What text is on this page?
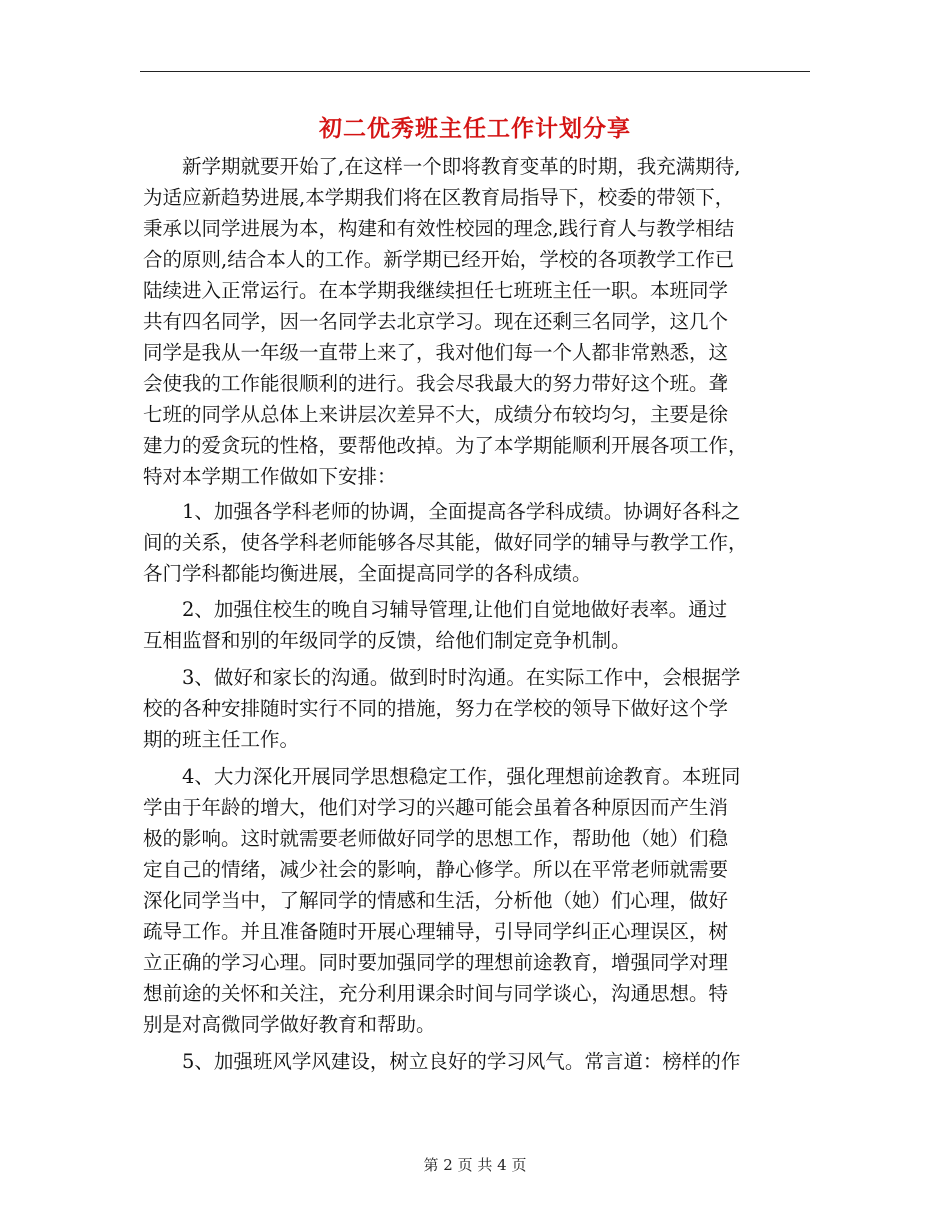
初二优秀班主任工作计划分享
　　新学期就要开始了,在这样一个即将教育变革的时期，我充满期待,
为适应新趋势进展,本学期我们将在区教育局指导下，校委的带领下，
秉承以同学进展为本，构建和有效性校园的理念,践行育人与教学相结
合的原则,结合本人的工作。新学期已经开始，学校的各项教学工作已
陆续进入正常运行。在本学期我继续担任七班班主任一职。本班同学
共有四名同学，因一名同学去北京学习。现在还剩三名同学，这几个
同学是我从一年级一直带上来了，我对他们每一个人都非常熟悉，这
会使我的工作能很顺利的进行。我会尽我最大的努力带好这个班。聋
七班的同学从总体上来讲层次差异不大，成绩分布较均匀，主要是徐
建力的爱贪玩的性格，要帮他改掉。为了本学期能顺利开展各项工作，
特对本学期工作做如下安排：
　　1、加强各学科老师的协调，全面提高各学科成绩。协调好各科之
间的关系，使各学科老师能够各尽其能，做好同学的辅导与教学工作，
各门学科都能均衡进展，全面提高同学的各科成绩。
　　2、加强住校生的晚自习辅导管理,让他们自觉地做好表率。通过
互相监督和别的年级同学的反馈，给他们制定竞争机制。
　　3、做好和家长的沟通。做到时时沟通。在实际工作中，会根据学
校的各种安排随时实行不同的措施，努力在学校的领导下做好这个学
期的班主任工作。
　　4、大力深化开展同学思想稳定工作，强化理想前途教育。本班同
学由于年龄的增大，他们对学习的兴趣可能会虽着各种原因而产生消
极的影响。这时就需要老师做好同学的思想工作，帮助他（她）们稳
定自己的情绪，减少社会的影响，静心修学。所以在平常老师就需要
深化同学当中，了解同学的情感和生活，分析他（她）们心理，做好
疏导工作。并且准备随时开展心理辅导，引导同学纠正心理误区，树
立正确的学习心理。同时要加强同学的理想前途教育，增强同学对理
想前途的关怀和关注，充分利用课余时间与同学谈心，沟通思想。特
别是对高微同学做好教育和帮助。
　　5、加强班风学风建设，树立良好的学习风气。常言道：榜样的作
第 2 页 共 4 页
